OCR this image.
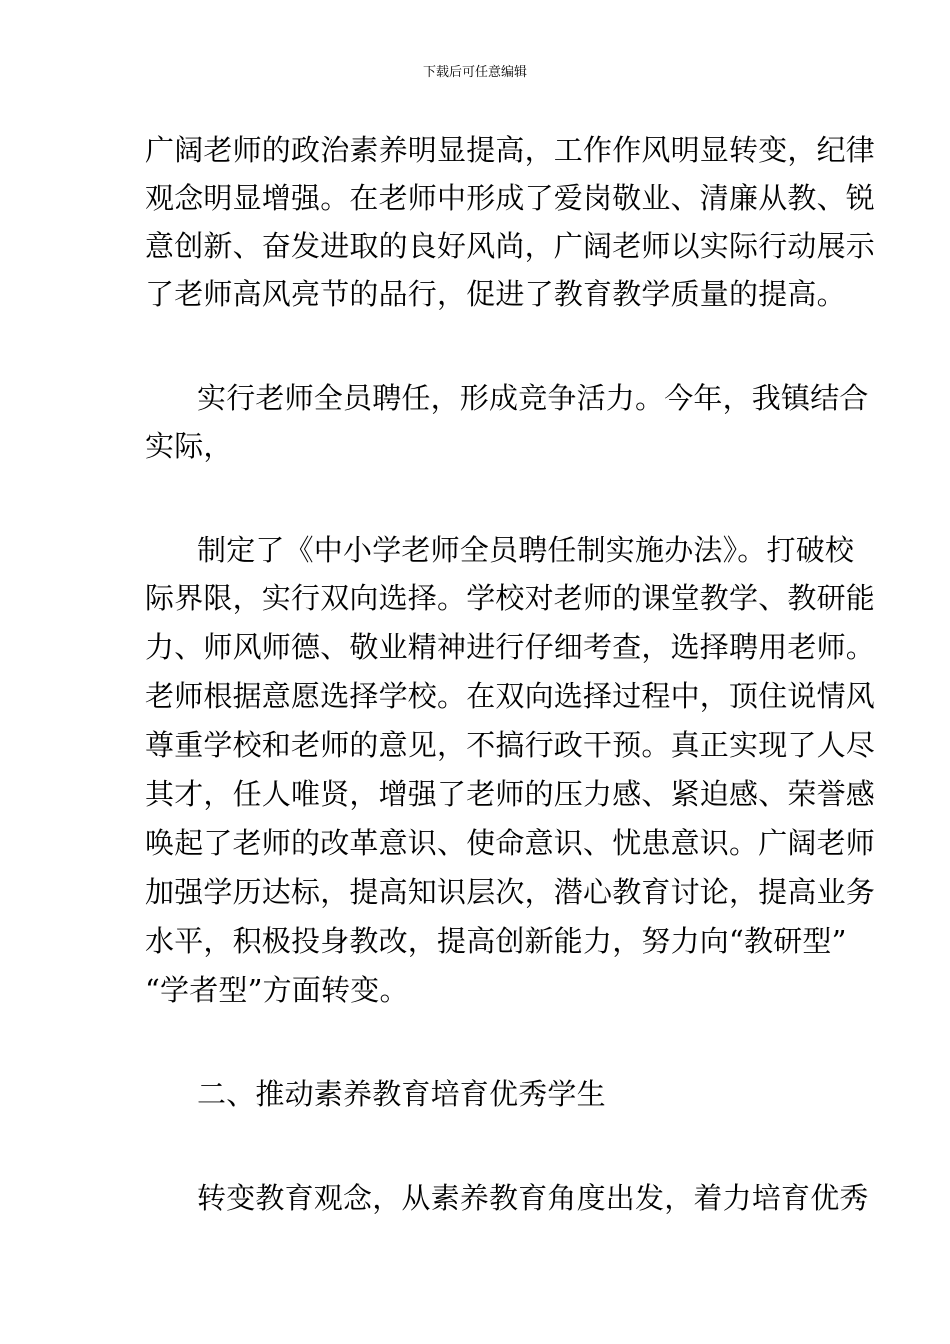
下载后可任意编辑
广阔老师的政治素养明显提高，工作作风明显转变，纪律
观念明显增强。在老师中形成了爱岗敬业、清廉从教、锐
意创新、奋发进取的良好风尚，广阔老师以实际行动展示
了老师高风亮节的品行，促进了教育教学质量的提高。
实行老师全员聘任，形成竞争活力。今年，我镇结合
实际，
制定了《中小学老师全员聘任制实施办法》。打破校
际界限，实行双向选择。学校对老师的课堂教学、教研能
力、师风师德、敬业精神进行仔细考查，选择聘用老师。
老师根据意愿选择学校。在双向选择过程中，顶住说情风
尊重学校和老师的意见，不搞行政干预。真正实现了人尽
其才，任人唯贤，增强了老师的压力感、紧迫感、荣誉感
唤起了老师的改革意识、使命意识、忧患意识。广阔老师
加强学历达标，提高知识层次，潜心教育讨论，提高业务
水平，积极投身教改，提高创新能力，努力向“教研型”
“学者型”方面转变。
二、推动素养教育培育优秀学生
转变教育观念，从素养教育角度出发，着力培育优秀
